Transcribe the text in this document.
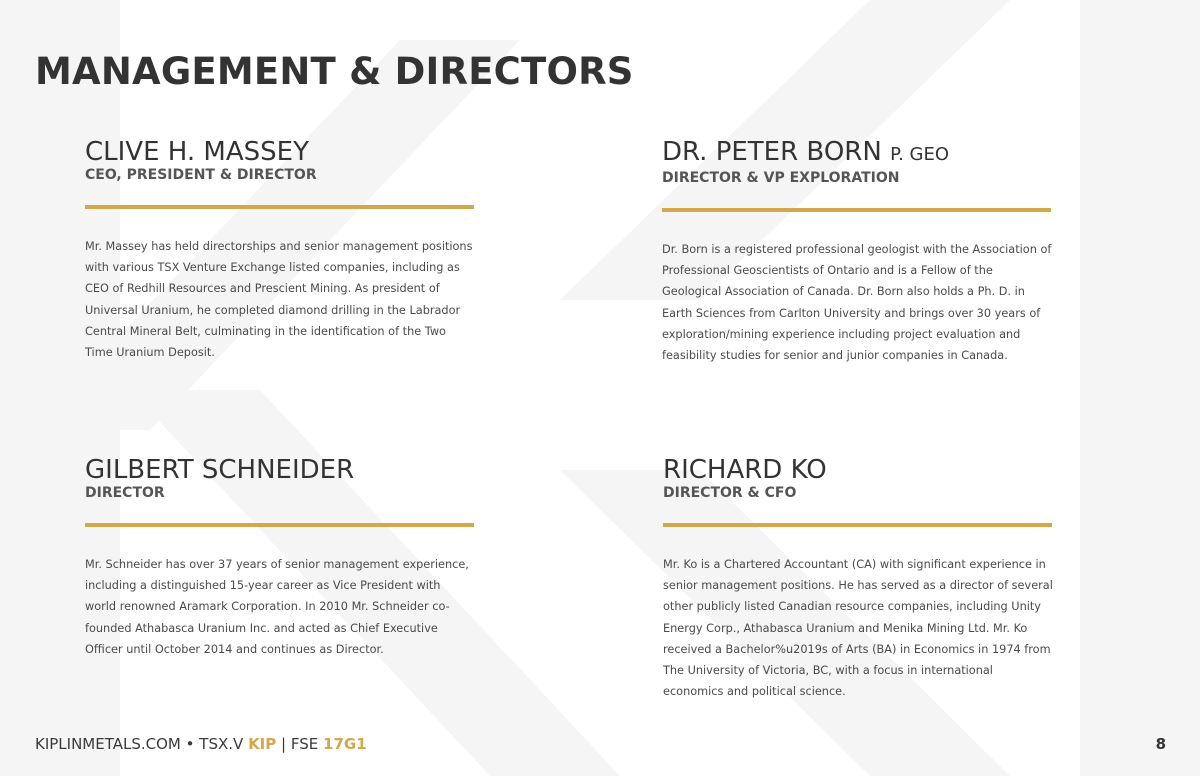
MANAGEMENT & DIRECTORS
CLIVE H. MASSEY

CEO, PRESIDENT & DIRECTOR

Mr. Massey has held directorships and senior management positions with various TSX Venture Exchange listed companies, including as CEO of Redhill Resources and Prescient Mining. As president of Universal Uranium, he completed diamond drilling in the Labrador Central Mineral Belt, culminating in the identification of the Two Time Uranium Deposit.

DR. PETER BORN P. GEO

DIRECTOR & VP EXPLORATION

Dr. Born is a registered professional geologist with the Association of Professional Geoscientists of Ontario and is a Fellow of the Geological Association of Canada. Dr. Born also holds a Ph. D. in Earth Sciences from Carlton University and brings over 30 years of exploration/mining experience including project evaluation and feasibility studies for senior and junior companies in Canada.

GILBERT SCHNEIDER

DIRECTOR

Mr. Schneider has over 37 years of senior management experience, including a distinguished 15-year career as Vice President with world renowned Aramark Corporation. In 2010 Mr. Schneider co-founded Athabasca Uranium Inc. and acted as Chief Executive Officer until October 2014 and continues as Director.

RICHARD KO

DIRECTOR & CFO

Mr. Ko is a Chartered Accountant (CA) with significant experience in senior management positions. He has served as a director of several other publicly listed Canadian resource companies, including Unity Energy Corp., Athabasca Uranium and Menika Mining Ltd. Mr. Ko received a Bachelor%u2019s of Arts (BA) in Economics in 1974 from The University of Victoria, BC, with a focus in international economics and political science.

KIPLINMETALS.COM • TSX.V KIP | FSE 17G1	8
